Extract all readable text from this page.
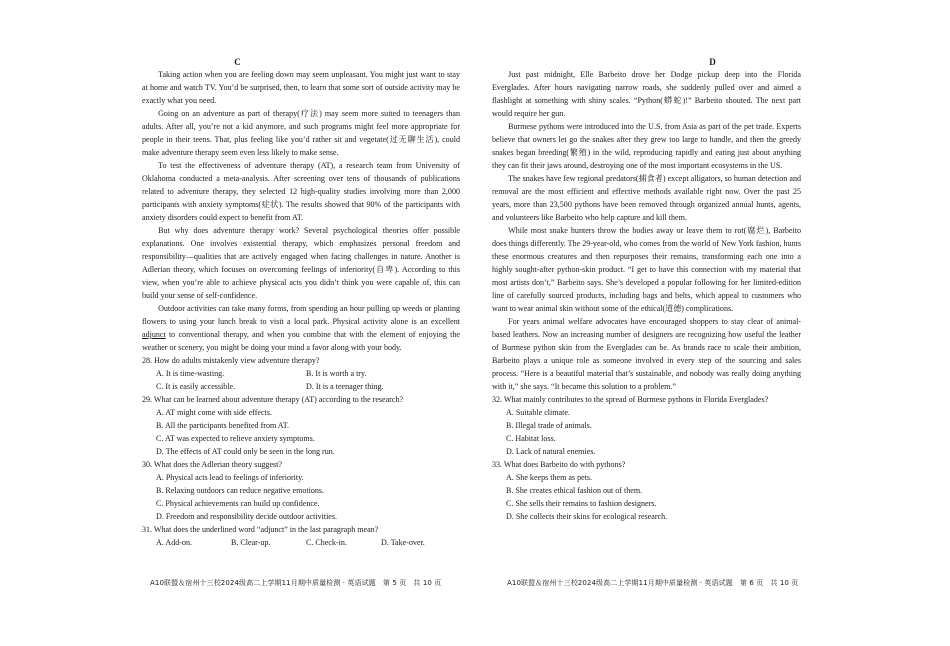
C

Taking action when you are feeling down may seem unpleasant. You might just want to stay at home and watch TV. You’d be surprised, then, to learn that some sort of outside activity may be exactly what you need.

Going on an adventure as part of therapy(疗法) may seem more suited to teenagers than adults. After all, you’re not a kid anymore, and such programs might feel more appropriate for people in their teens. That, plus feeling like you’d rather sit and vegetate(过无聊生活), could make adventure therapy seem even less likely to make sense.

To test the effectiveness of adventure therapy (AT), a research team from University of Oklahoma conducted a meta-analysis. After screening over tens of thousands of publications related to adventure therapy, they selected 12 high-quality studies involving more than 2,000 participants with anxiety symptoms(症状). The results showed that 90% of the participants with anxiety disorders could expect to benefit from AT.

But why does adventure therapy work? Several psychological theories offer possible explanations. One involves existential therapy, which emphasizes personal freedom and responsibility—qualities that are actively engaged when facing challenges in nature. Another is Adlerian theory, which focuses on overcoming feelings of inferiority(自卑). According to this view, when you’re able to achieve physical acts you didn’t think you were capable of, this can build your sense of self-confidence.

Outdoor activities can take many forms, from spending an hour pulling up weeds or planting flowers to using your lunch break to visit a local park. Physical activity alone is an excellent adjunct to conventional therapy, and when you combine that with the element of enjoying the weather or scenery, you might be doing your mind a favor along with your body.

28. How do adults mistakenly view adventure therapy?

A. It is time-wasting.	B. It is worth a try.
C. It is easily accessible.	D. It is a teenager thing.

29. What can be learned about adventure therapy (AT) according to the research?

A. AT might come with side effects.

B. All the participants benefited from AT.

C. AT was expected to relieve anxiety symptoms.

D. The effects of AT could only be seen in the long run.

30. What does the Adlerian theory suggest?

A. Physical acts lead to feelings of inferiority.

B. Relaxing outdoors can reduce negative emotions.

C. Physical achievements can build up confidence.

D. Freedom and responsibility decide outdoor activities.

31. What does the underlined word “adjunct” in the last paragraph mean?

A. Add-on.	B. Clear-up.	C. Check-in.	D. Take-over.
A10联盟＆宿州十三校2024级高二上学期11月期中质量检测 · 英语试题　第 5 页　共 10 页
D

Just past midnight, Elle Barbeito drove her Dodge pickup deep into the Florida Everglades. After hours navigating narrow roads, she suddenly pulled over and aimed a flashlight at something with shiny scales. “Python(蟒蛇)!” Barbeito shouted. The next part would require her gun.

Burmese pythons were introduced into the U.S. from Asia as part of the pet trade. Experts believe that owners let go the snakes after they grew too large to handle, and then the greedy snakes began breeding(繁殖) in the wild, reproducing rapidly and eating just about anything they can fit their jaws around, destroying one of the most important ecosystems in the US.

The snakes have few regional predators(捕食者) except alligators, so human detection and removal are the most efficient and effective methods available right now. Over the past 25 years, more than 23,500 pythons have been removed through organized annual hunts, agents, and volunteers like Barbeito who help capture and kill them.

While most snake hunters throw the bodies away or leave them to rot(腐烂), Barbeito does things differently. The 29-year-old, who comes from the world of New York fashion, hunts these enormous creatures and then repurposes their remains, transforming each one into a highly sought-after python-skin product. “I get to have this connection with my material that most artists don’t,” Barbeito says. She’s developed a popular following for her limited-edition line of carefully sourced products, including bags and belts, which appeal to customers who want to wear animal skin without some of the ethical(道德) complications.

For years animal welfare advocates have encouraged shoppers to stay clear of animal-based leathers. Now an increasing number of designers are recognizing how useful the leather of Burmese python skin from the Everglades can be. As brands race to scale their ambition, Barbeito plays a unique role as someone involved in every step of the sourcing and sales process. “Here is a beautiful material that’s sustainable, and nobody was really doing anything with it,” she says. “It became this solution to a problem.”

32. What mainly contributes to the spread of Burmese pythons in Florida Everglades?

A. Suitable climate.

B. Illegal trade of animals.

C. Habitat loss.

D. Lack of natural enemies.

33. What does Barbeito do with pythons?

A. She keeps them as pets.

B. She creates ethical fashion out of them.

C. She sells their remains to fashion designers.

D. She collects their skins for ecological research.

A10联盟＆宿州十三校2024级高二上学期11月期中质量检测 · 英语试题　第 6 页　共 10 页
